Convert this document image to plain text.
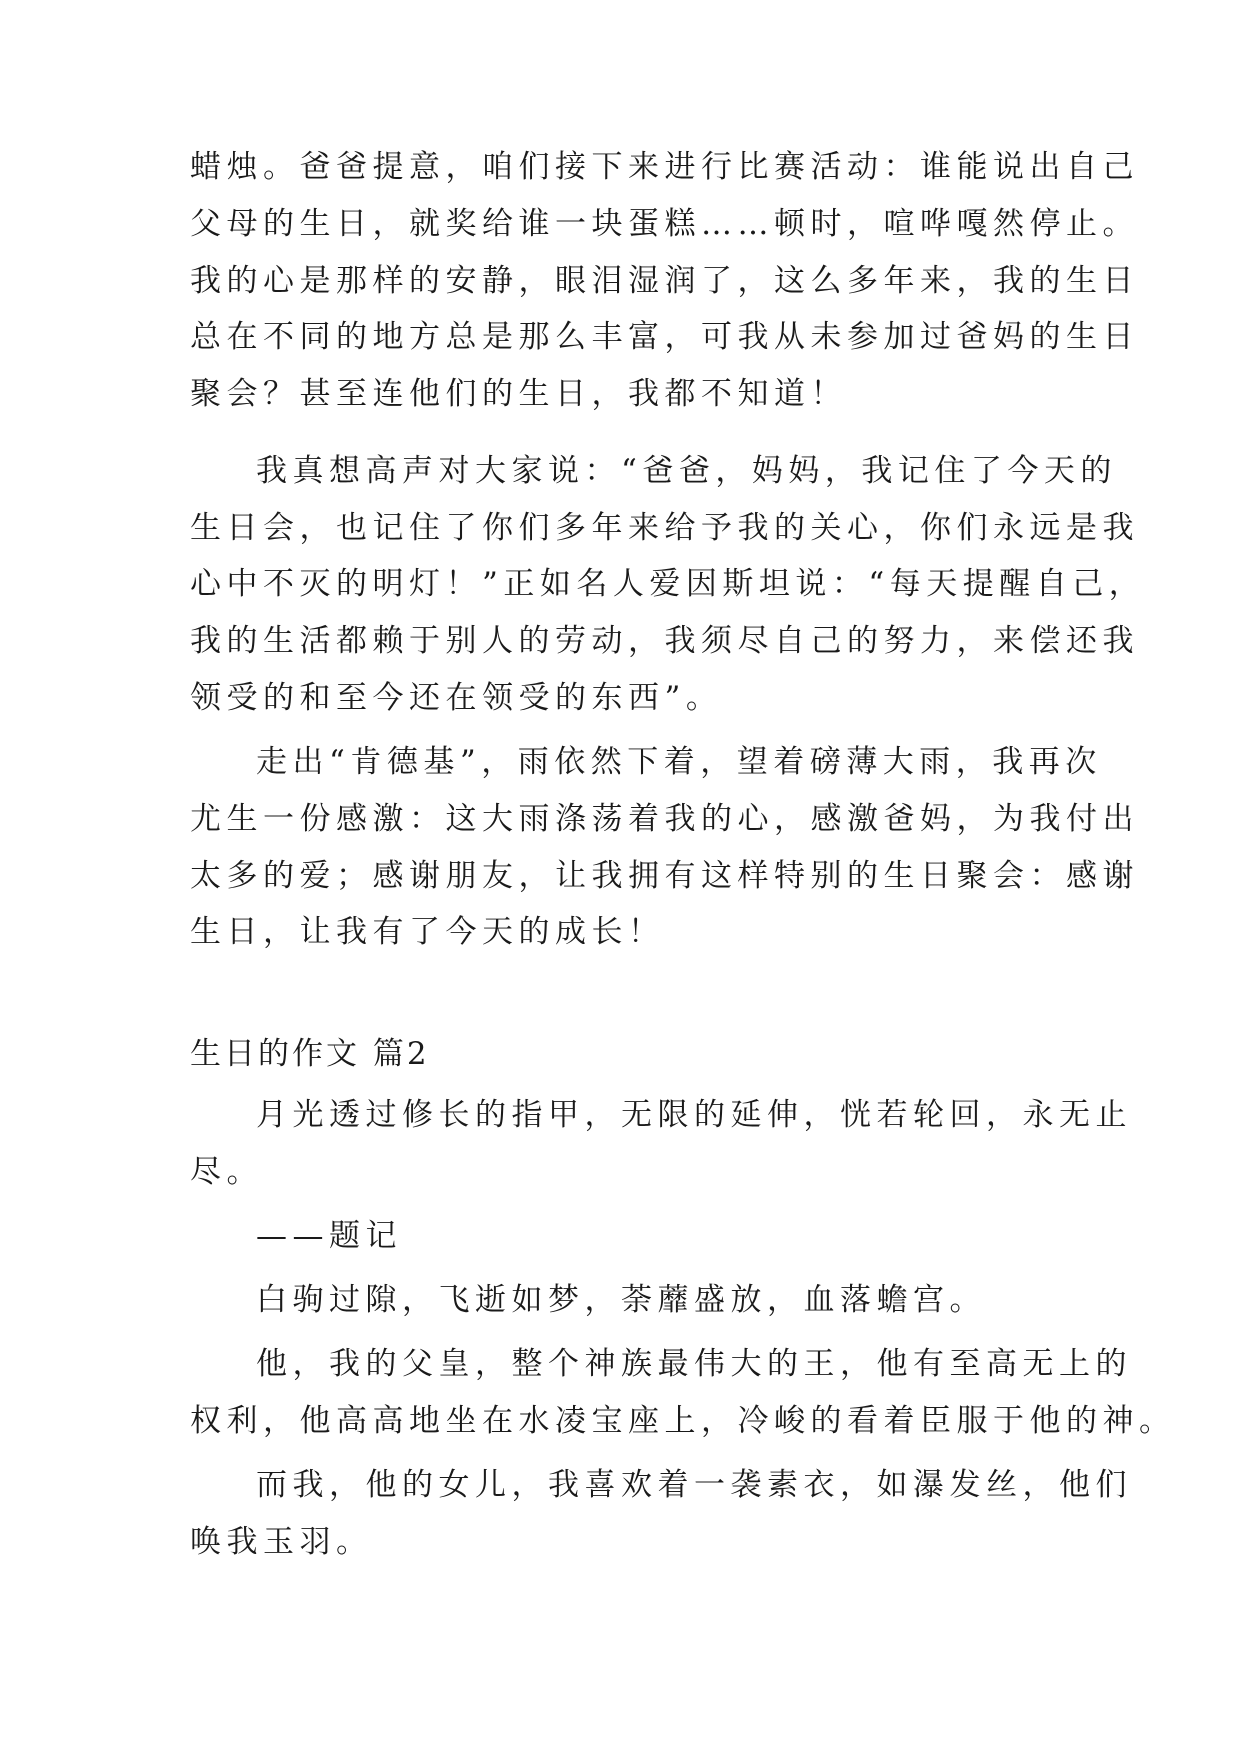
蜡烛。爸爸提意，咱们接下来进行比赛活动：谁能说出自己
父母的生日，就奖给谁一块蛋糕……顿时，喧哗嘎然停止。
我的心是那样的安静，眼泪湿润了，这么多年来，我的生日
总在不同的地方总是那么丰富，可我从未参加过爸妈的生日
聚会？甚至连他们的生日，我都不知道！
我真想高声对大家说：“爸爸，妈妈，我记住了今天的
生日会，也记住了你们多年来给予我的关心，你们永远是我
心中不灭的明灯！”正如名人爱因斯坦说：“每天提醒自己，
我的生活都赖于别人的劳动，我须尽自己的努力，来偿还我
领受的和至今还在领受的东西”。
走出“肯德基”，雨依然下着，望着磅薄大雨，我再次
尤生一份感激：这大雨涤荡着我的心，感激爸妈，为我付出
太多的爱；感谢朋友，让我拥有这样特别的生日聚会：感谢
生日，让我有了今天的成长！
生日的作文 篇2
月光透过修长的指甲，无限的延伸，恍若轮回，永无止
尽。
——题记
白驹过隙，飞逝如梦，荼蘼盛放，血落蟾宫。
他，我的父皇，整个神族最伟大的王，他有至高无上的
权利，他高高地坐在水凌宝座上，冷峻的看着臣服于他的神。
而我，他的女儿，我喜欢着一袭素衣，如瀑发丝，他们
唤我玉羽。
